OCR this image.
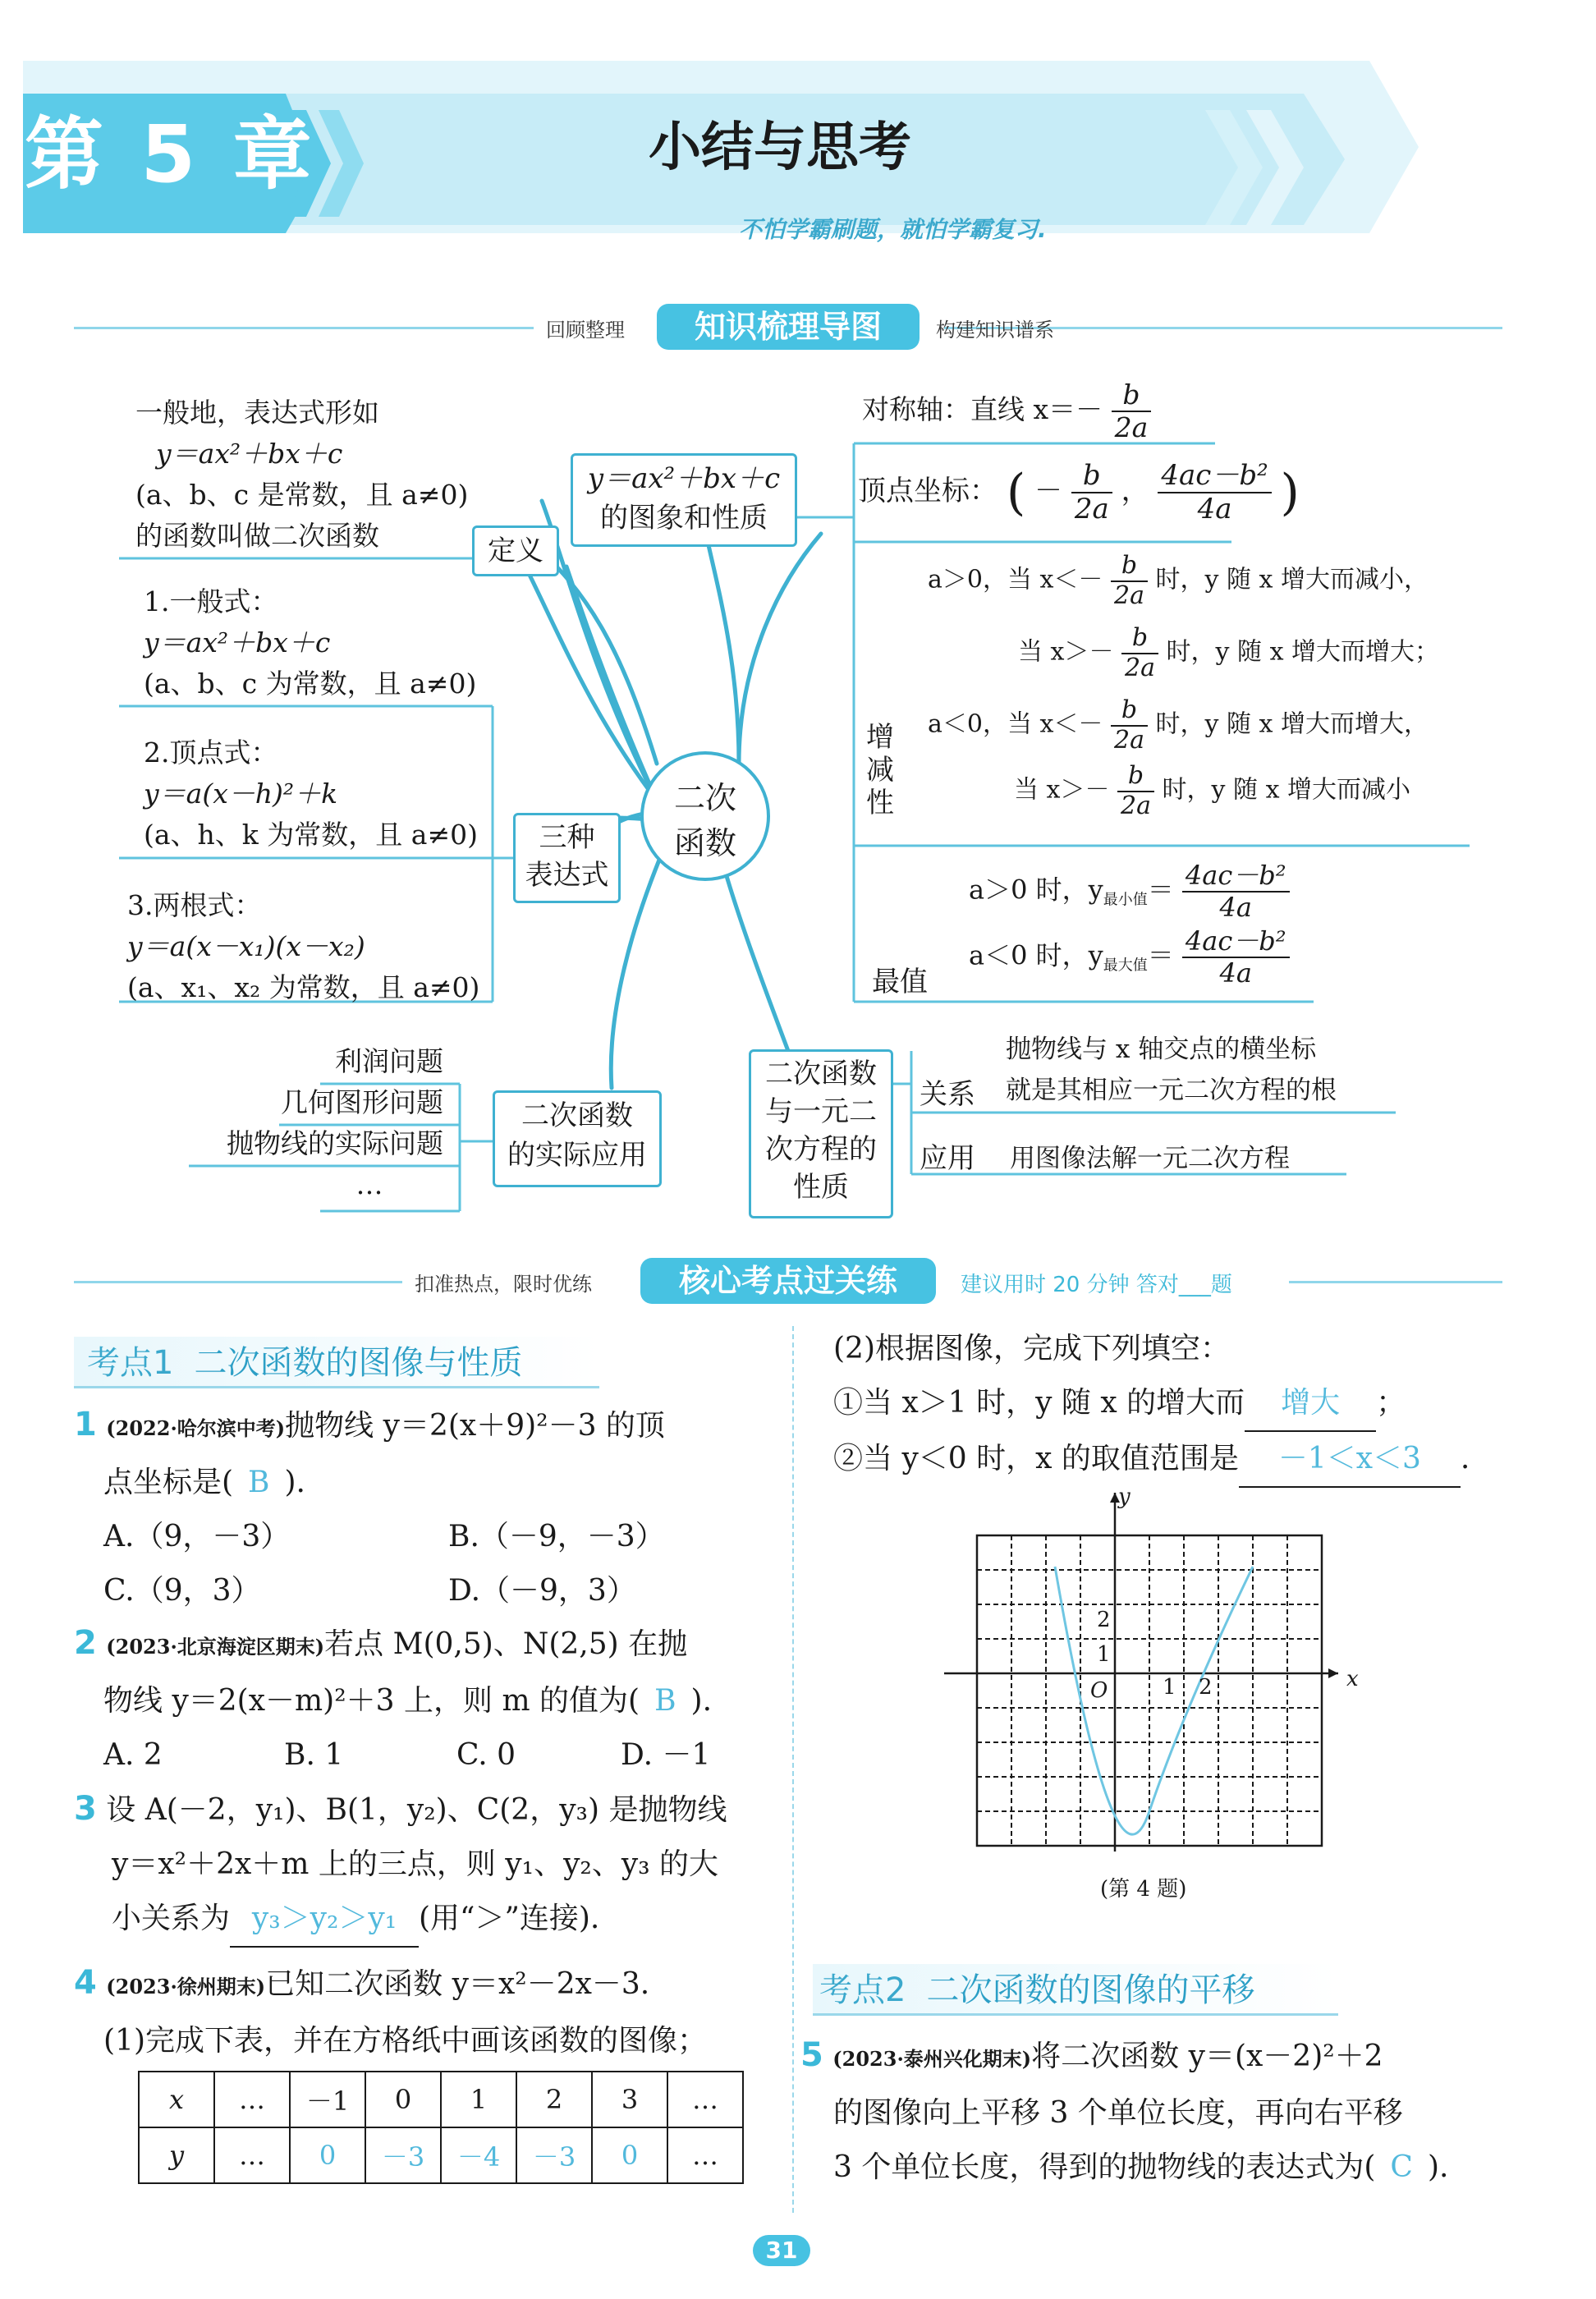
第 5 章	小结与思考
不怕学霸刷题，就怕学霸复习.
回顾整理	知识梳理导图	构建知识谱系
二次
函数
一般地，表达式形如
y＝ax²＋bx＋c
(a、b、c 是常数，且 a≠0)
的函数叫做二次函数	定义
1.一般式：
y＝ax²＋bx＋c
(a、b、c 为常数，且 a≠0)
2.顶点式：
y＝a(x－h)²＋k
(a、h、k 为常数，且 a≠0)
3.两根式：
y＝a(x－x₁)(x－x₂)
(a、x₁、x₂ 为常数，且 a≠0)
三种
表达式
利润问题
几何图形问题
抛物线的实际问题
…
二次函数
的实际应用
y＝ax²＋bx＋c
的图象和性质
对称轴：直线 $x=- \frac{b}{2a}$
顶点坐标： ( － $\frac{b}{2a}$ ， $\frac{\text{4ac－b²}}{4a}$ )
增
减
性
a＞0，当 $x<- \frac{b}{2a}$ 时，y 随 x 增大而减小，
当 $x>- \frac{b}{2a}$ 时，y 随 x 增大而增大；
a＜0，当 $x<- \frac{b}{2a}$ 时，y 随 x 增大而增大，
当 $x>- \frac{b}{2a}$ 时，y 随 x 增大而减小
a＞0 时，$y_{最小值}= \frac{\text{4ac－b²}}{4a}$
a＜0 时，$y_{最大值}= \frac{\text{4ac－b²}}{4a}$
最值
二次函数
与一元二
次方程的
性质
关系
抛物线与 x 轴交点的横坐标
就是其相应一元二次方程的根
应用 用图像法解一元二次方程
扣准热点，限时优练	核心考点过关练	建议用时 20 分钟 答对___题
考点1 二次函数的图像与性质
1 (2022·哈尔滨中考)抛物线 y＝2(x＋9)²－3 的顶
点坐标是( B ).
A.（9，－3）	B.（－9，－3）
C.（9，3）	D.（－9，3）
2 (2023·北京海淀区期末)若点 M(0,5)、N(2,5) 在抛
物线 y＝2(x－m)²＋3 上，则 m 的值为( B ).
A. 2	B. 1	C. 0	D. －1
3 设 A(－2，y₁)、B(1，y₂)、C(2，y₃) 是抛物线
y＝x²＋2x＋m 上的三点，则 y₁、y₂、y₃ 的大
小关系为 y₃＞y₂＞y₁ (用“＞”连接).
4 (2023·徐州期末)已知二次函数 y＝x²－2x－3.
(1)完成下表，并在方格纸中画该函数的图像；
x	…	－1	0	1	2	3	…
y	…	0	－3	－4	－3	0	…
(2)根据图像，完成下列填空：
①当 x＞1 时，y 随 x 的增大而 增大 ；
②当 y＜0 时，x 的取值范围是 －1＜x＜3 .
x
y
O	1 2
1
2
(第 4 题)
考点2 二次函数的图像的平移
5 (2023·泰州兴化期末)将二次函数 y＝(x－2)²＋2
的图像向上平移 3 个单位长度，再向右平移
3 个单位长度，得到的抛物线的表达式为( C ).
31
